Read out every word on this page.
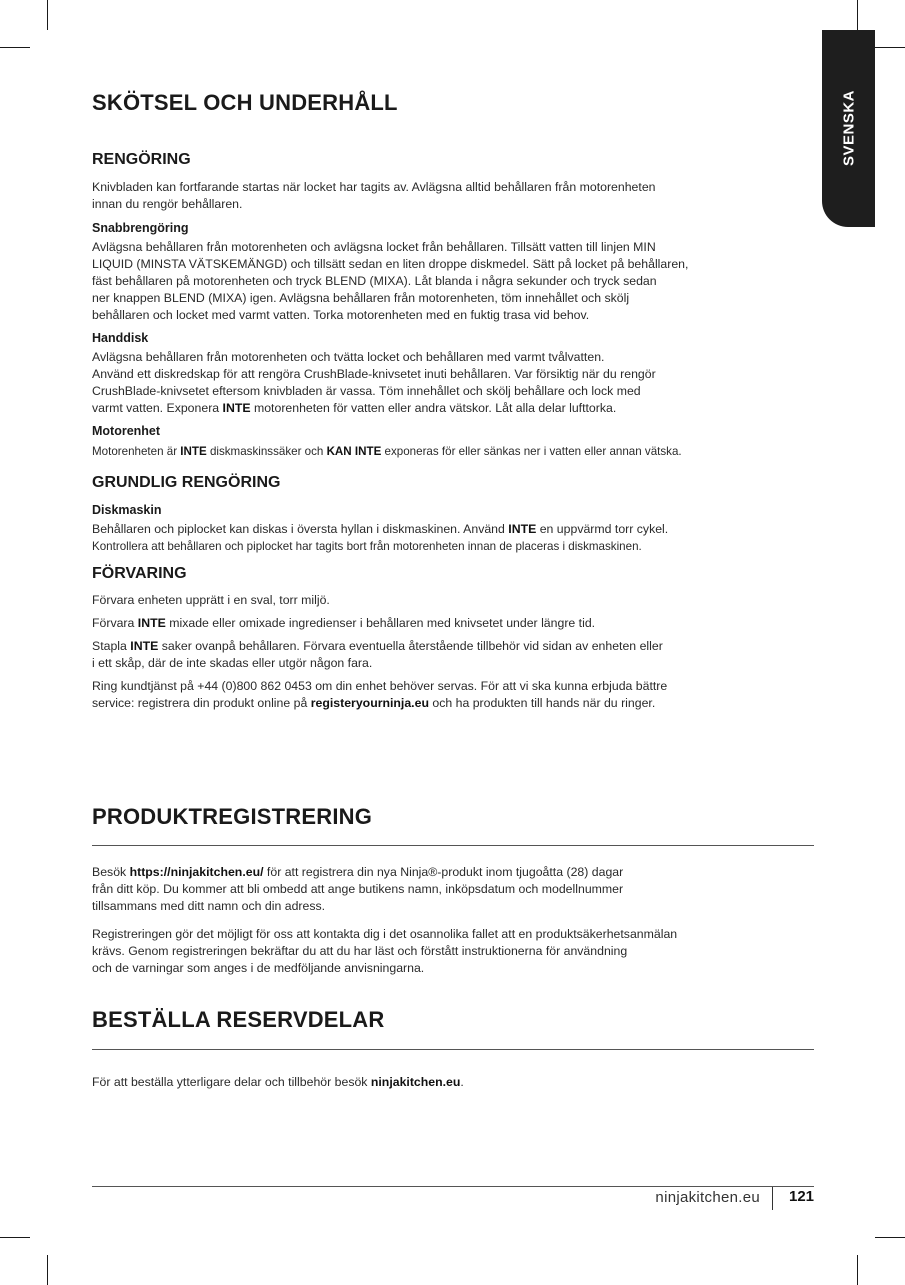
SVENSKA
SKÖTSEL OCH UNDERHÅLL
RENGÖRING
Knivbladen kan fortfarande startas när locket har tagits av. Avlägsna alltid behållaren från motorenheten
innan du rengör behållaren.
Snabbrengöring
Avlägsna behållaren från motorenheten och avlägsna locket från behållaren. Tillsätt vatten till linjen MIN
LIQUID (MINSTA VÄTSKEMÄNGD) och tillsätt sedan en liten droppe diskmedel. Sätt på locket på behållaren,
fäst behållaren på motorenheten och tryck BLEND (MIXA). Låt blanda i några sekunder och tryck sedan
ner knappen BLEND (MIXA) igen. Avlägsna behållaren från motorenheten, töm innehållet och skölj
behållaren och locket med varmt vatten. Torka motorenheten med en fuktig trasa vid behov.
Handdisk
Avlägsna behållaren från motorenheten och tvätta locket och behållaren med varmt tvålvatten.
Använd ett diskredskap för att rengöra CrushBlade-knivsetet inuti behållaren. Var försiktig när du rengör
CrushBlade-knivsetet eftersom knivbladen är vassa. Töm innehållet och skölj behållare och lock med
varmt vatten. Exponera INTE motorenheten för vatten eller andra vätskor. Låt alla delar lufttorka.
Motorenhet
Motorenheten är INTE diskmaskinssäker och KAN INTE exponeras för eller sänkas ner i vatten eller annan vätska.
GRUNDLIG RENGÖRING
Diskmaskin
Behållaren och piplocket kan diskas i översta hyllan i diskmaskinen. Använd INTE en uppvärmd torr cykel.
Kontrollera att behållaren och piplocket har tagits bort från motorenheten innan de placeras i diskmaskinen.
FÖRVARING
Förvara enheten upprätt i en sval, torr miljö.
Förvara INTE mixade eller omixade ingredienser i behållaren med knivsetet under längre tid.
Stapla INTE saker ovanpå behållaren. Förvara eventuella återstående tillbehör vid sidan av enheten eller
i ett skåp, där de inte skadas eller utgör någon fara.
Ring kundtjänst på +44 (0)800 862 0453 om din enhet behöver servas. För att vi ska kunna erbjuda bättre
service: registrera din produkt online på registeryourninja.eu och ha produkten till hands när du ringer.
PRODUKTREGISTRERING
Besök https://ninjakitchen.eu/ för att registrera din nya Ninja®-produkt inom tjugoåtta (28) dagar
från ditt köp. Du kommer att bli ombedd att ange butikens namn, inköpsdatum och modellnummer
tillsammans med ditt namn och din adress.
Registreringen gör det möjligt för oss att kontakta dig i det osannolika fallet att en produktsäkerhetsanmälan
krävs. Genom registreringen bekräftar du att du har läst och förstått instruktionerna för användning
och de varningar som anges i de medföljande anvisningarna.
BESTÄLLA RESERVDELAR
För att beställa ytterligare delar och tillbehör besök ninjakitchen.eu.
ninjakitchen.eu 121
